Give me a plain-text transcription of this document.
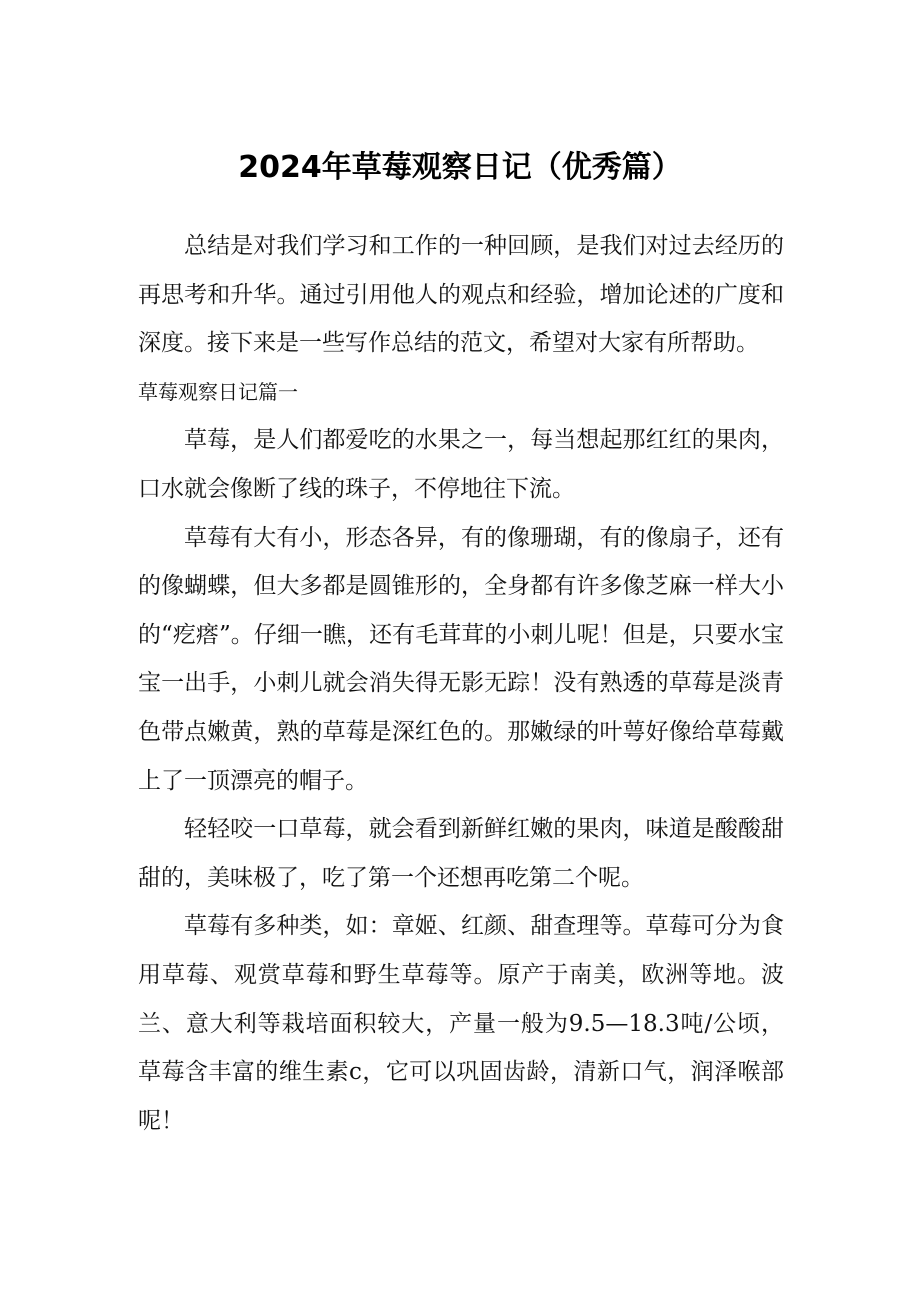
2024年草莓观察日记（优秀篇）

总结是对我们学习和工作的一种回顾，是我们对过去经历的再思考和升华。通过引用他人的观点和经验，增加论述的广度和深度。接下来是一些写作总结的范文，希望对大家有所帮助。

草莓观察日记篇一

草莓，是人们都爱吃的水果之一，每当想起那红红的果肉，口水就会像断了线的珠子，不停地往下流。

草莓有大有小，形态各异，有的像珊瑚，有的像扇子，还有的像蝴蝶，但大多都是圆锥形的，全身都有许多像芝麻一样大小的“疙瘩”。仔细一瞧，还有毛茸茸的小刺儿呢！但是，只要水宝宝一出手，小刺儿就会消失得无影无踪！没有熟透的草莓是淡青色带点嫩黄，熟的草莓是深红色的。那嫩绿的叶萼好像给草莓戴上了一顶漂亮的帽子。

轻轻咬一口草莓，就会看到新鲜红嫩的果肉，味道是酸酸甜甜的，美味极了，吃了第一个还想再吃第二个呢。

草莓有多种类，如：章姬、红颜、甜查理等。草莓可分为食用草莓、观赏草莓和野生草莓等。原产于南美，欧洲等地。波兰、意大利等栽培面积较大，产量一般为9.5—18.3吨/公顷，草莓含丰富的维生素c，它可以巩固齿龄，清新口气，润泽喉部呢！
